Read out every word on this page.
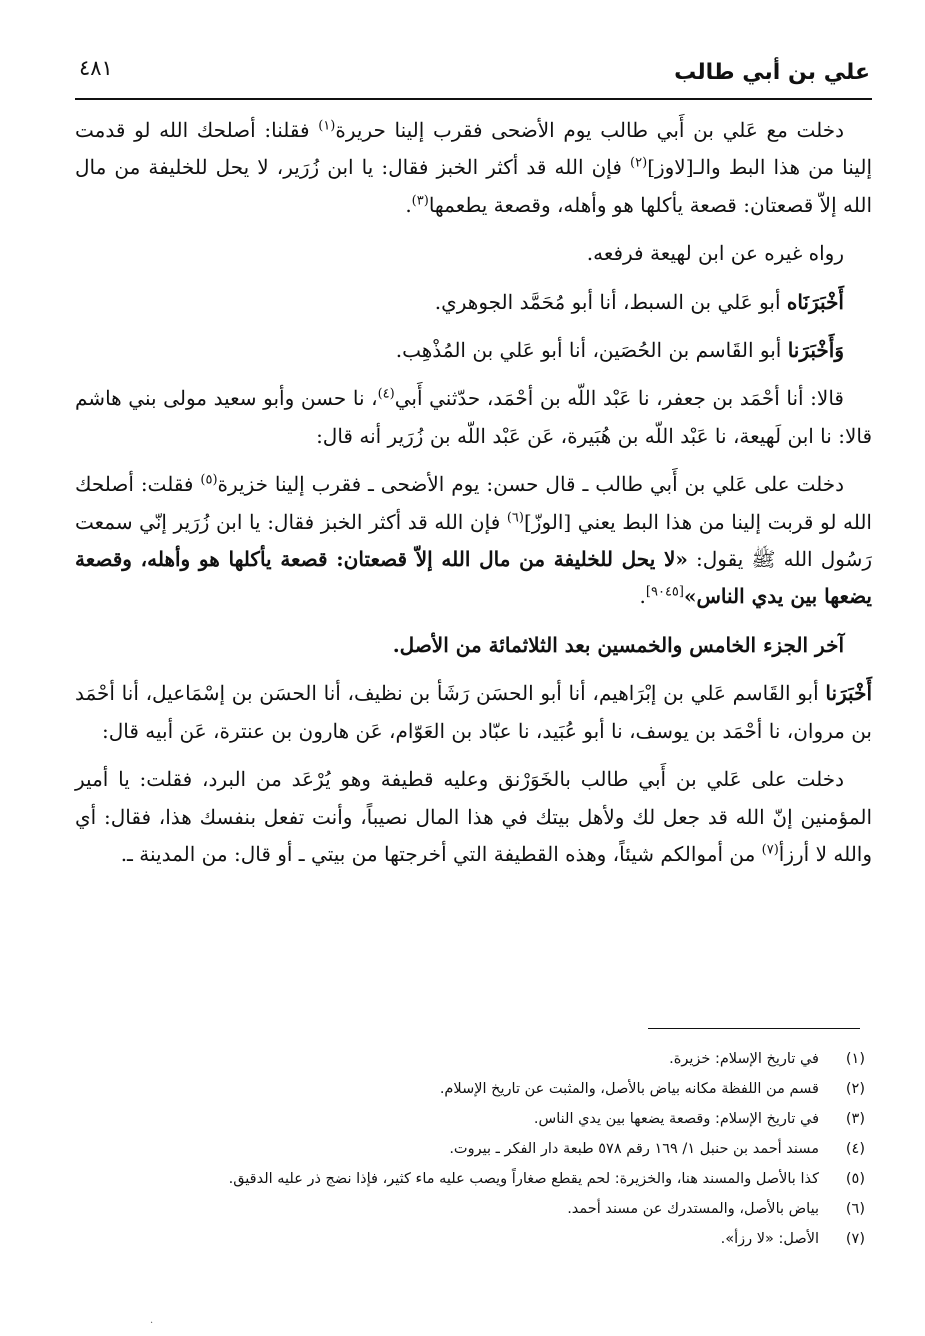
علي بن أبي طالب
٤٨١

دخلت مع عَلي بن أَبي طالب يوم الأضحى فقرب إلينا حريرة$^{(١)}$ فقلنا: أصلحك الله لو قدمت إلينا من هذا البط والـ[لاوز]$^{(٢)}$ فإن الله قد أكثر الخبز فقال: يا ابن زُرَير، لا يحل للخليفة من مال الله إلاّ قصعتان: قصعة يأكلها هو وأهله، وقصعة يطعمها$^{(٣)}$.

رواه غيره عن ابن لهيعة فرفعه.

أَخْبَرَنَاه أبو عَلي بن السبط، أنا أبو مُحَمَّد الجوهري.

وَأَخْبَرَنا أبو القَاسم بن الحُصَين، أنا أبو عَلي بن المُذْهِب.

قالا: أنا أحْمَد بن جعفر، نا عَبْد اللّه بن أحْمَد، حدّثني أَبي$^{(٤)}$، نا حسن وأبو سعيد مولى بني هاشم قالا: نا ابن لَهيعة، نا عَبْد اللّه بن هُبَيرة، عَن عَبْد اللّه بن زُرَير أنه قال:

دخلت على عَلي بن أَبي طالب ـ قال حسن: يوم الأضحى ـ فقرب إلينا خزيرة$^{(٥)}$ فقلت: أصلحك الله لو قربت إلينا من هذا البط يعني [الوزّ]$^{(٦)}$ فإن الله قد أكثر الخبز فقال: يا ابن زُرَير إنّي سمعت رَسُول الله ﷺ يقول: «لا يحل للخليفة من مال الله إلاّ قصعتان: قصعة يأكلها هو وأهله، وقصعة يضعها بين يدي الناس»[٩٠٤٥].

آخر الجزء الخامس والخمسين بعد الثلاثمائة من الأصل.

أَخْبَرَنا أبو القَاسم عَلي بن إبْرَاهيم، أنا أبو الحسَن رَشَأ بن نظيف، أنا الحسَن بن إسْمَاعيل، أنا أحْمَد بن مروان، نا أحْمَد بن يوسف، نا أبو عُبَيد، نا عبّاد بن العَوّام، عَن هارون بن عنترة، عَن أبيه قال:

دخلت على عَلي بن أَبي طالب بالخَوَرْنق وعليه قطيفة وهو يُرْعَد من البرد، فقلت: يا أمير المؤمنين إنّ الله قد جعل لك ولأهل بيتك في هذا المال نصيباً، وأنت تفعل بنفسك هذا، فقال: أي والله لا أرزأ$^{(٧)}$ من أموالكم شيئاً، وهذه القطيفة التي أخرجتها من بيتي ـ أو قال: من المدينة ـ.

(١)
في تاريخ الإسلام: خزيرة.
(٢)
قسم من اللفظة مكانه بياض بالأصل، والمثبت عن تاريخ الإسلام.
(٣)
في تاريخ الإسلام: وقصعة يضعها بين يدي الناس.
(٤)
مسند أحمد بن حنبل ١/ ١٦٩ رقم ٥٧٨ طبعة دار الفكر ـ بيروت.
(٥)
كذا بالأصل والمسند هنا، والخزيرة: لحم يقطع صغاراً ويصب عليه ماء كثير، فإذا نضج ذر عليه الدقيق.
(٦)
بياض بالأصل، والمستدرك عن مسند أحمد.
(٧)
الأصل: «لا رزأ».
·
